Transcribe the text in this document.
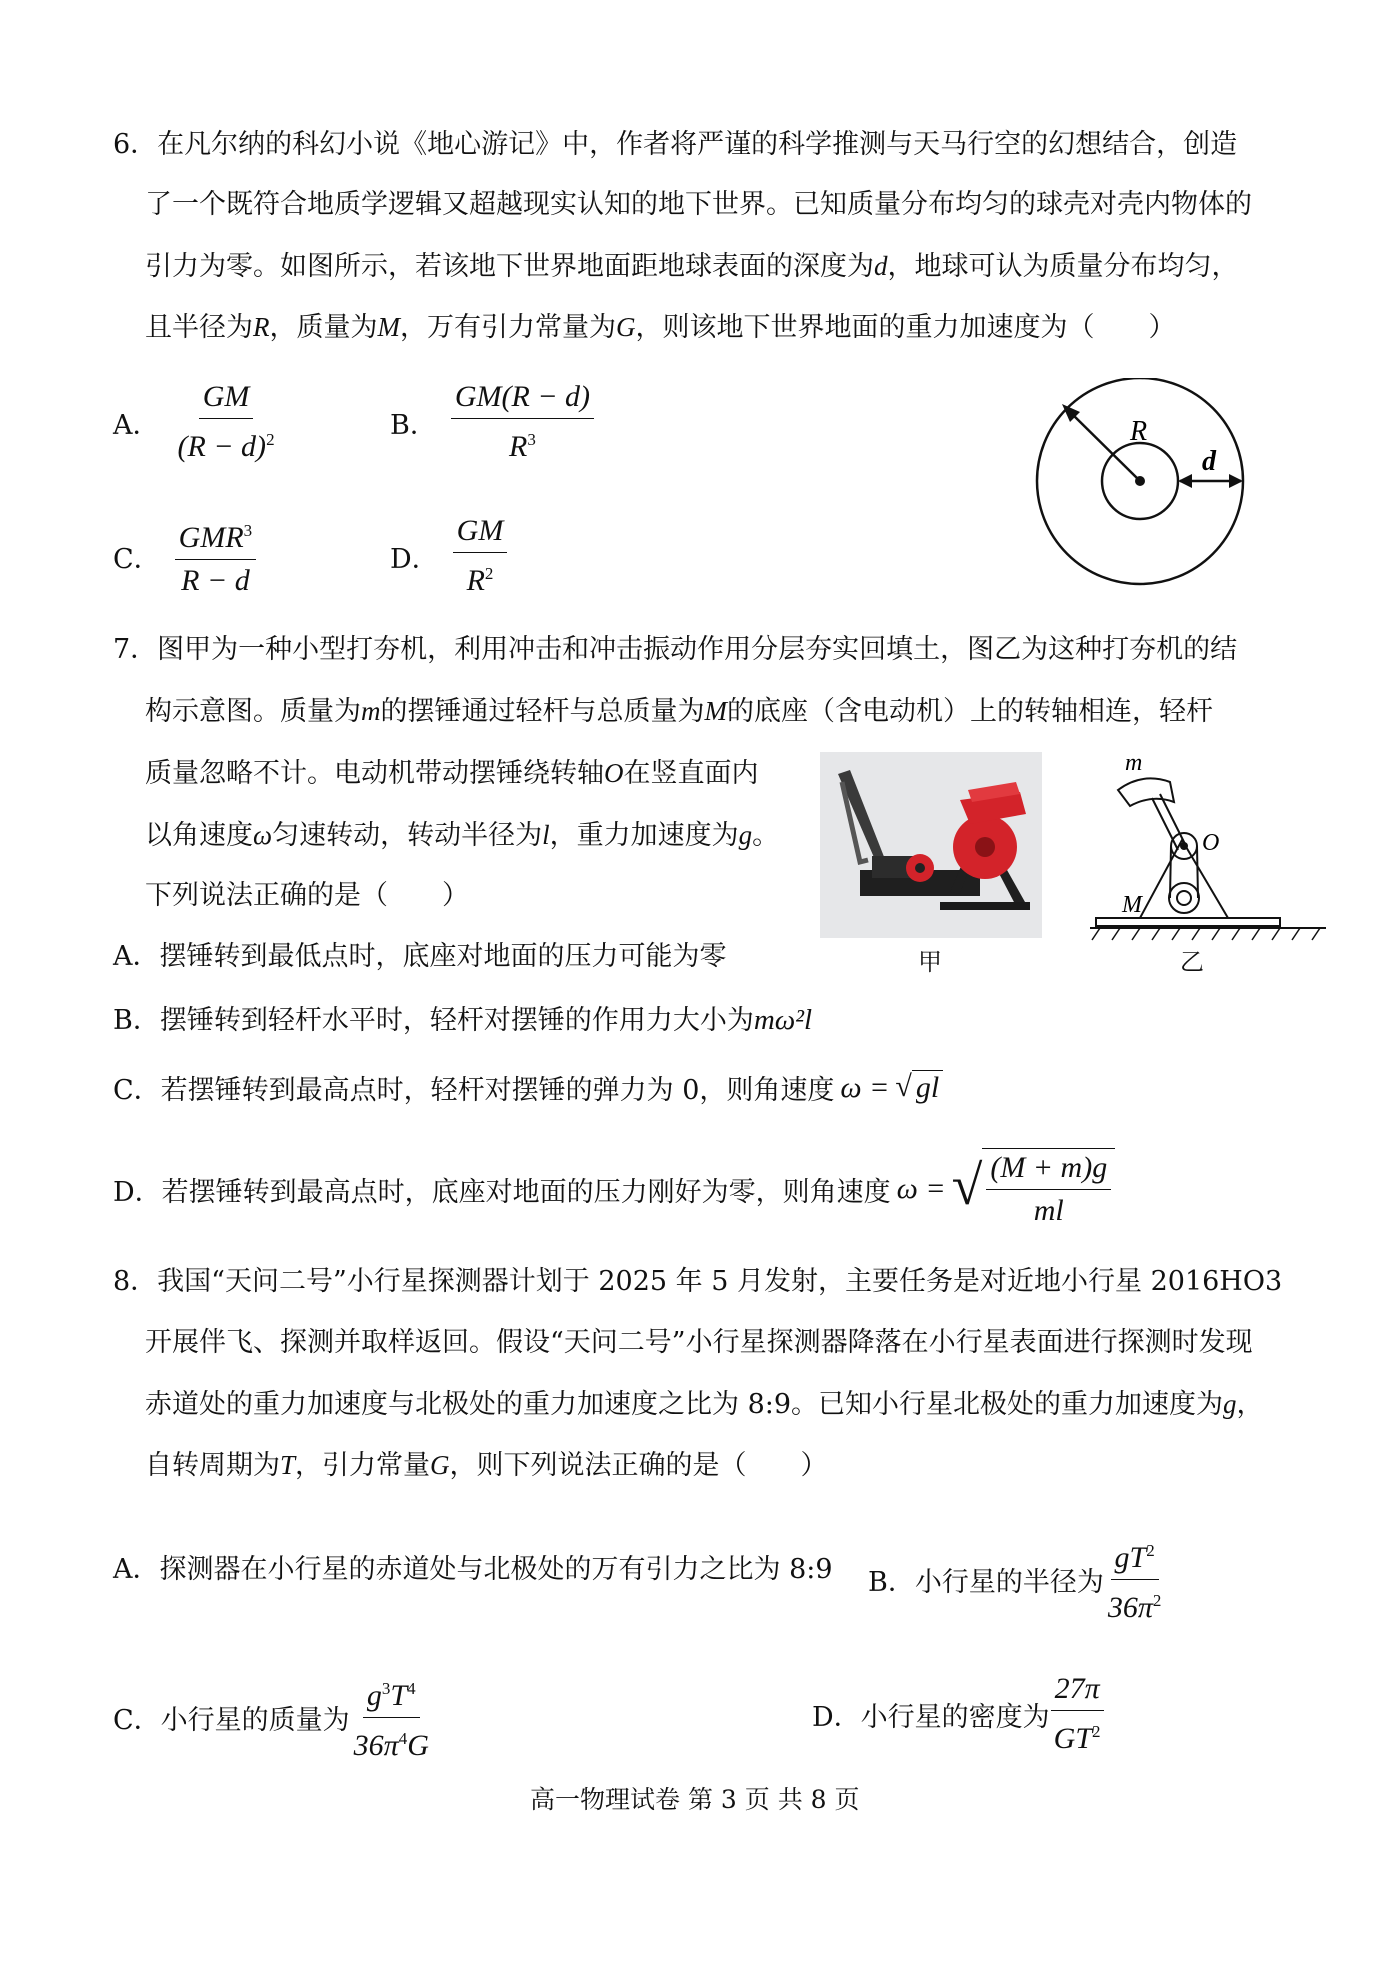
6．在凡尔纳的科幻小说《地心游记》中，作者将严谨的科学推测与天马行空的幻想结合，创造
了一个既符合地质学逻辑又超越现实认知的地下世界。已知质量分布均匀的球壳对壳内物体的
引力为零。如图所示，若该地下世界地面距地球表面的深度为d，地球可认为质量分布均匀，
且半径为R，质量为M，万有引力常量为G，则该地下世界地面的重力加速度为（　　）
A． $\frac{GM}{(R - d)^2}$	B． $\frac{GM(R - d)}{R^3}$
C． $\frac{GMR^3}{R - d}$	D． $\frac{GM}{R^2}$
R
d
7．图甲为一种小型打夯机，利用冲击和冲击振动作用分层夯实回填土，图乙为这种打夯机的结
构示意图。质量为m的摆锤通过轻杆与总质量为M的底座（含电动机）上的转轴相连，轻杆
质量忽略不计。电动机带动摆锤绕转轴O在竖直面内
以角速度ω匀速转动，转动半径为l，重力加速度为g。
下列说法正确的是（　　）
甲
m
O
M
乙
A．摆锤转到最低点时，底座对地面的压力可能为零
B．摆锤转到轻杆水平时，轻杆对摆锤的作用力大小为mω²l
C．若摆锤转到最高点时，轻杆对摆锤的弹力为 0，则角速度 ω = √ gl
D．若摆锤转到最高点时，底座对地面的压力刚好为零，则角速度 ω = √ $\frac{(M + m)g}{ml}$
8．我国“天问二号”小行星探测器计划于 2025 年 5 月发射，主要任务是对近地小行星 2016HO3
开展伴飞、探测并取样返回。假设“天问二号”小行星探测器降落在小行星表面进行探测时发现
赤道处的重力加速度与北极处的重力加速度之比为 8:9。已知小行星北极处的重力加速度为g，
自转周期为T，引力常量G，则下列说法正确的是（　　）
A．探测器在小行星的赤道处与北极处的万有引力之比为 8:9 B．小行星的半径为 $\frac{gT^2}{36\pi^2}$
C．小行星的质量为 $\frac{g^3T^4}{36\pi^4G}$	D．小行星的密度为 $\frac{27\pi}{GT^2}$
高一物理试卷 第 3 页 共 8 页
